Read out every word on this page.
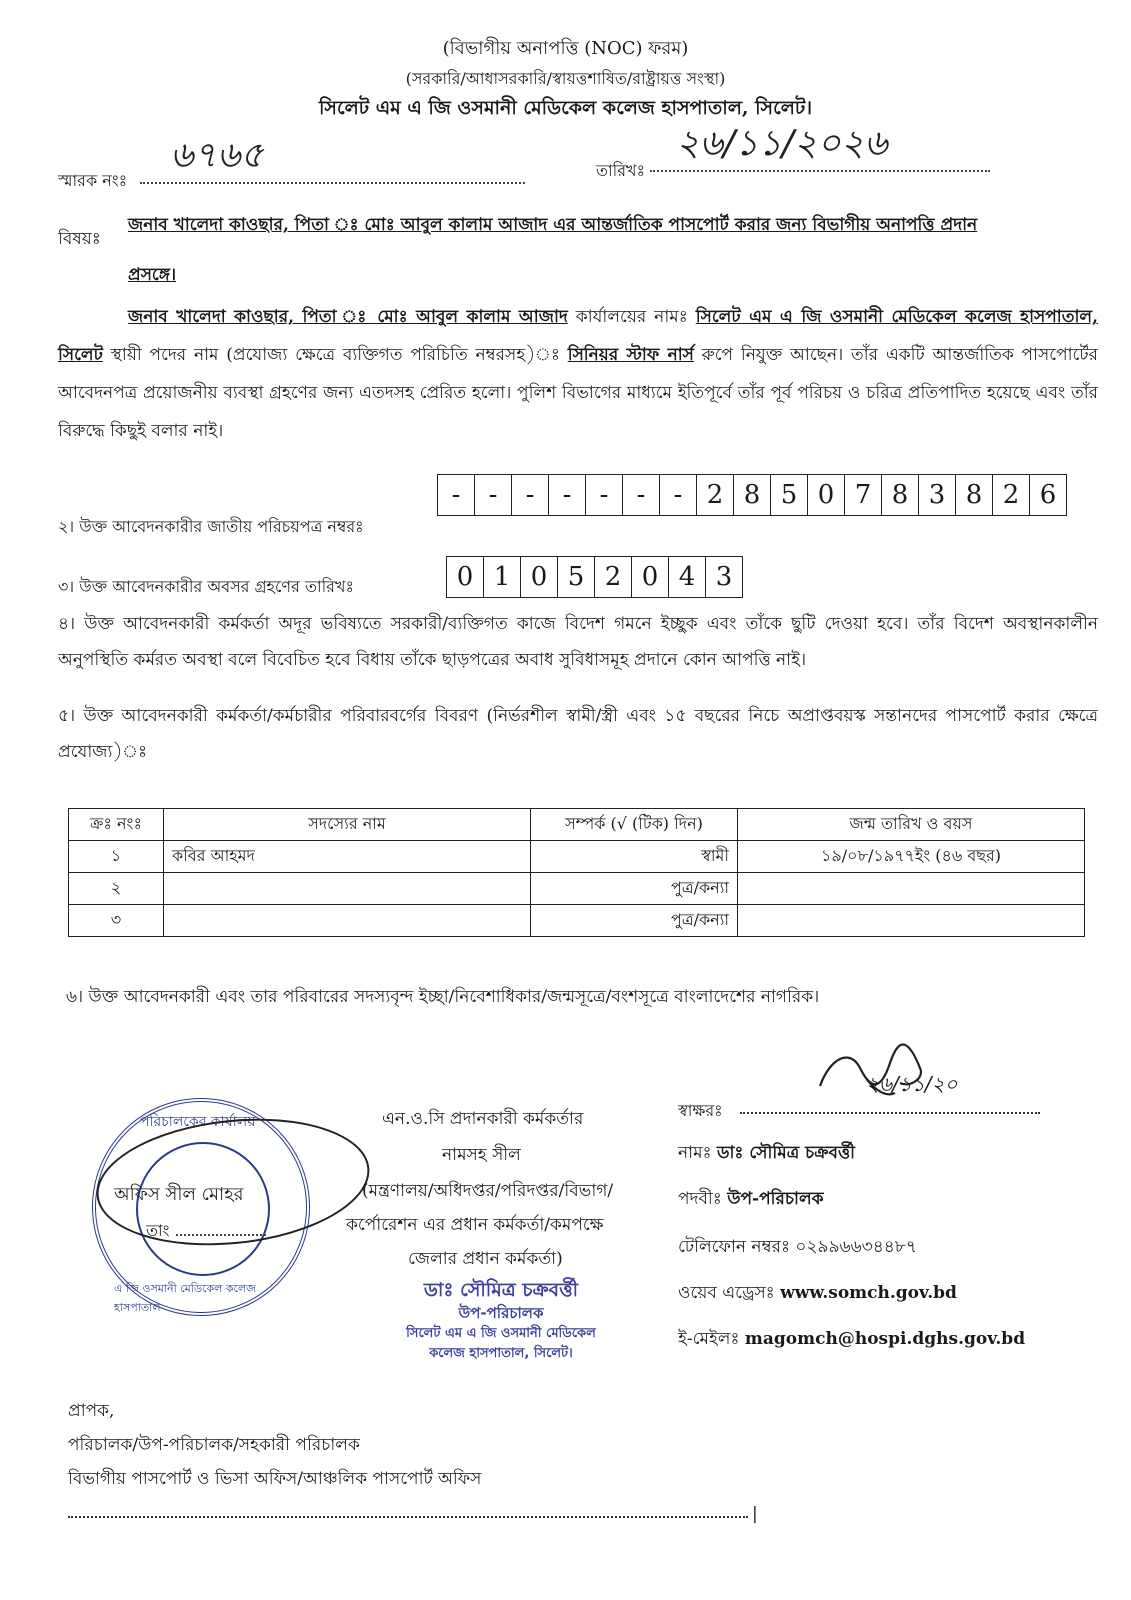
(বিভাগীয় অনাপত্তি (NOC) ফরম)
(সরকারি/আধাসরকারি/স্বায়ত্তশাষিত/রাষ্ট্রায়ত্ত সংস্থা)
সিলেট এম এ জি ওসমানী মেডিকেল কলেজ হাসপাতাল, সিলেট।
স্মারক নংঃ
৬৭৬৫	তারিখঃ
২৬/১১/২০২৬
বিষয়ঃ
জনাব খালেদা কাওছার, পিতা ঃ মোঃ আবুল কালাম আজাদ এর আন্তর্জাতিক পাসপোর্ট করার জন্য বিভাগীয় অনাপত্তি প্রদান
প্রসঙ্গে।
জনাব খালেদা কাওছার, পিতা ঃ মোঃ আবুল কালাম আজাদ কার্যালয়ের নামঃ সিলেট এম এ জি ওসমানী মেডিকেল কলেজ হাসপাতাল, সিলেট স্থায়ী পদের নাম (প্রযোজ্য ক্ষেত্রে ব্যক্তিগত পরিচিতি নম্বরসহ)ঃ সিনিয়র স্টাফ নার্স রুপে নিযুক্ত আছেন। তাঁর একটি আন্তর্জাতিক পাসপোর্টের আবেদনপত্র প্রয়োজনীয় ব্যবস্থা গ্রহণের জন্য এতদসহ প্রেরিত হলো। পুলিশ বিভাগের মাধ্যমে ইতিপূর্বে তাঁর পূর্ব পরিচয় ও চরিত্র প্রতিপাদিত হয়েছে এবং তাঁর বিরুদ্ধে কিছুই বলার নাই।
২। উক্ত আবেদনকারীর জাতীয় পরিচয়পত্র নম্বরঃ
-	-	-	-	-	-	- 2 8 5 0 7 8 3 8 2 6
৩। উক্ত আবেদনকারীর অবসর গ্রহণের তারিখঃ	0 1 0 5 2 0 4 3
৪। উক্ত আবেদনকারী কর্মকর্তা অদূর ভবিষ্যতে সরকারী/ব্যক্তিগত কাজে বিদেশ গমনে ইচ্ছুক এবং তাঁকে ছুটি দেওয়া হবে। তাঁর বিদেশ অবস্থানকালীন অনুপস্থিতি কর্মরত অবস্থা বলে বিবেচিত হবে বিধায় তাঁকে ছাড়পত্রের অবাধ সুবিধাসমূহ প্রদানে কোন আপত্তি নাই।
৫। উক্ত আবেদনকারী কর্মকর্তা/কর্মচারীর পরিবারবর্গের বিবরণ (নির্ভরশীল স্বামী/স্ত্রী এবং ১৫ বছরের নিচে অপ্রাপ্তবয়স্ক সন্তানদের পাসপোর্ট করার ক্ষেত্রে প্রযোজ্য)ঃ
ক্রঃ নংঃ	সদস্যের নাম	সম্পর্ক (√ (টিক) দিন)	জন্ম তারিখ ও বয়স
১	কবির আহমদ	স্বামী	১৯/০৮/১৯৭৭ইং (৪৬ বছর)
২		পুত্র/কন্যা	
৩		পুত্র/কন্যা	
৬। উক্ত আবেদনকারী এবং তার পরিবারের সদস্যবৃন্দ ইচ্ছা/নিবেশাধিকার/জন্মসূত্রে/বংশসূত্রে বাংলাদেশের নাগরিক।
পরিচালকের কার্যালয়
এ জি ওসমানী মেডিকেল কলেজ হাসপাতাল
অফিস সীল মোহর
তাং
এন.ও.সি প্রদানকারী কর্মকর্তার
নামসহ সীল
(মন্ত্রণালয়/অধিদপ্তর/পরিদপ্তর/বিভাগ/
কর্পোরেশন এর প্রধান কর্মকর্তা/কমপক্ষে
জেলার প্রধান কর্মকর্তা)
ডাঃ সৌমিত্র চক্রবর্ত্তী
উপ-পরিচালক
সিলেট এম এ জি ওসমানী মেডিকেল
কলেজ হাসপাতাল, সিলেট।
২৬/১১/২০
স্বাক্ষরঃ
নামঃ ডাঃ সৌমিত্র চক্রবর্ত্তী
পদবীঃ উপ-পরিচালক
টেলিফোন নম্বরঃ ০২৯৯৬৬৩৪৪৮৭
ওয়েব এড্রেসঃ www.somch.gov.bd
ই-মেইলঃ magomch@hospi.dghs.gov.bd
প্রাপক,
পরিচালক/উপ-পরিচালক/সহকারী পরিচালক
বিভাগীয় পাসপোর্ট ও ভিসা অফিস/আঞ্চলিক পাসপোর্ট অফিস
|
